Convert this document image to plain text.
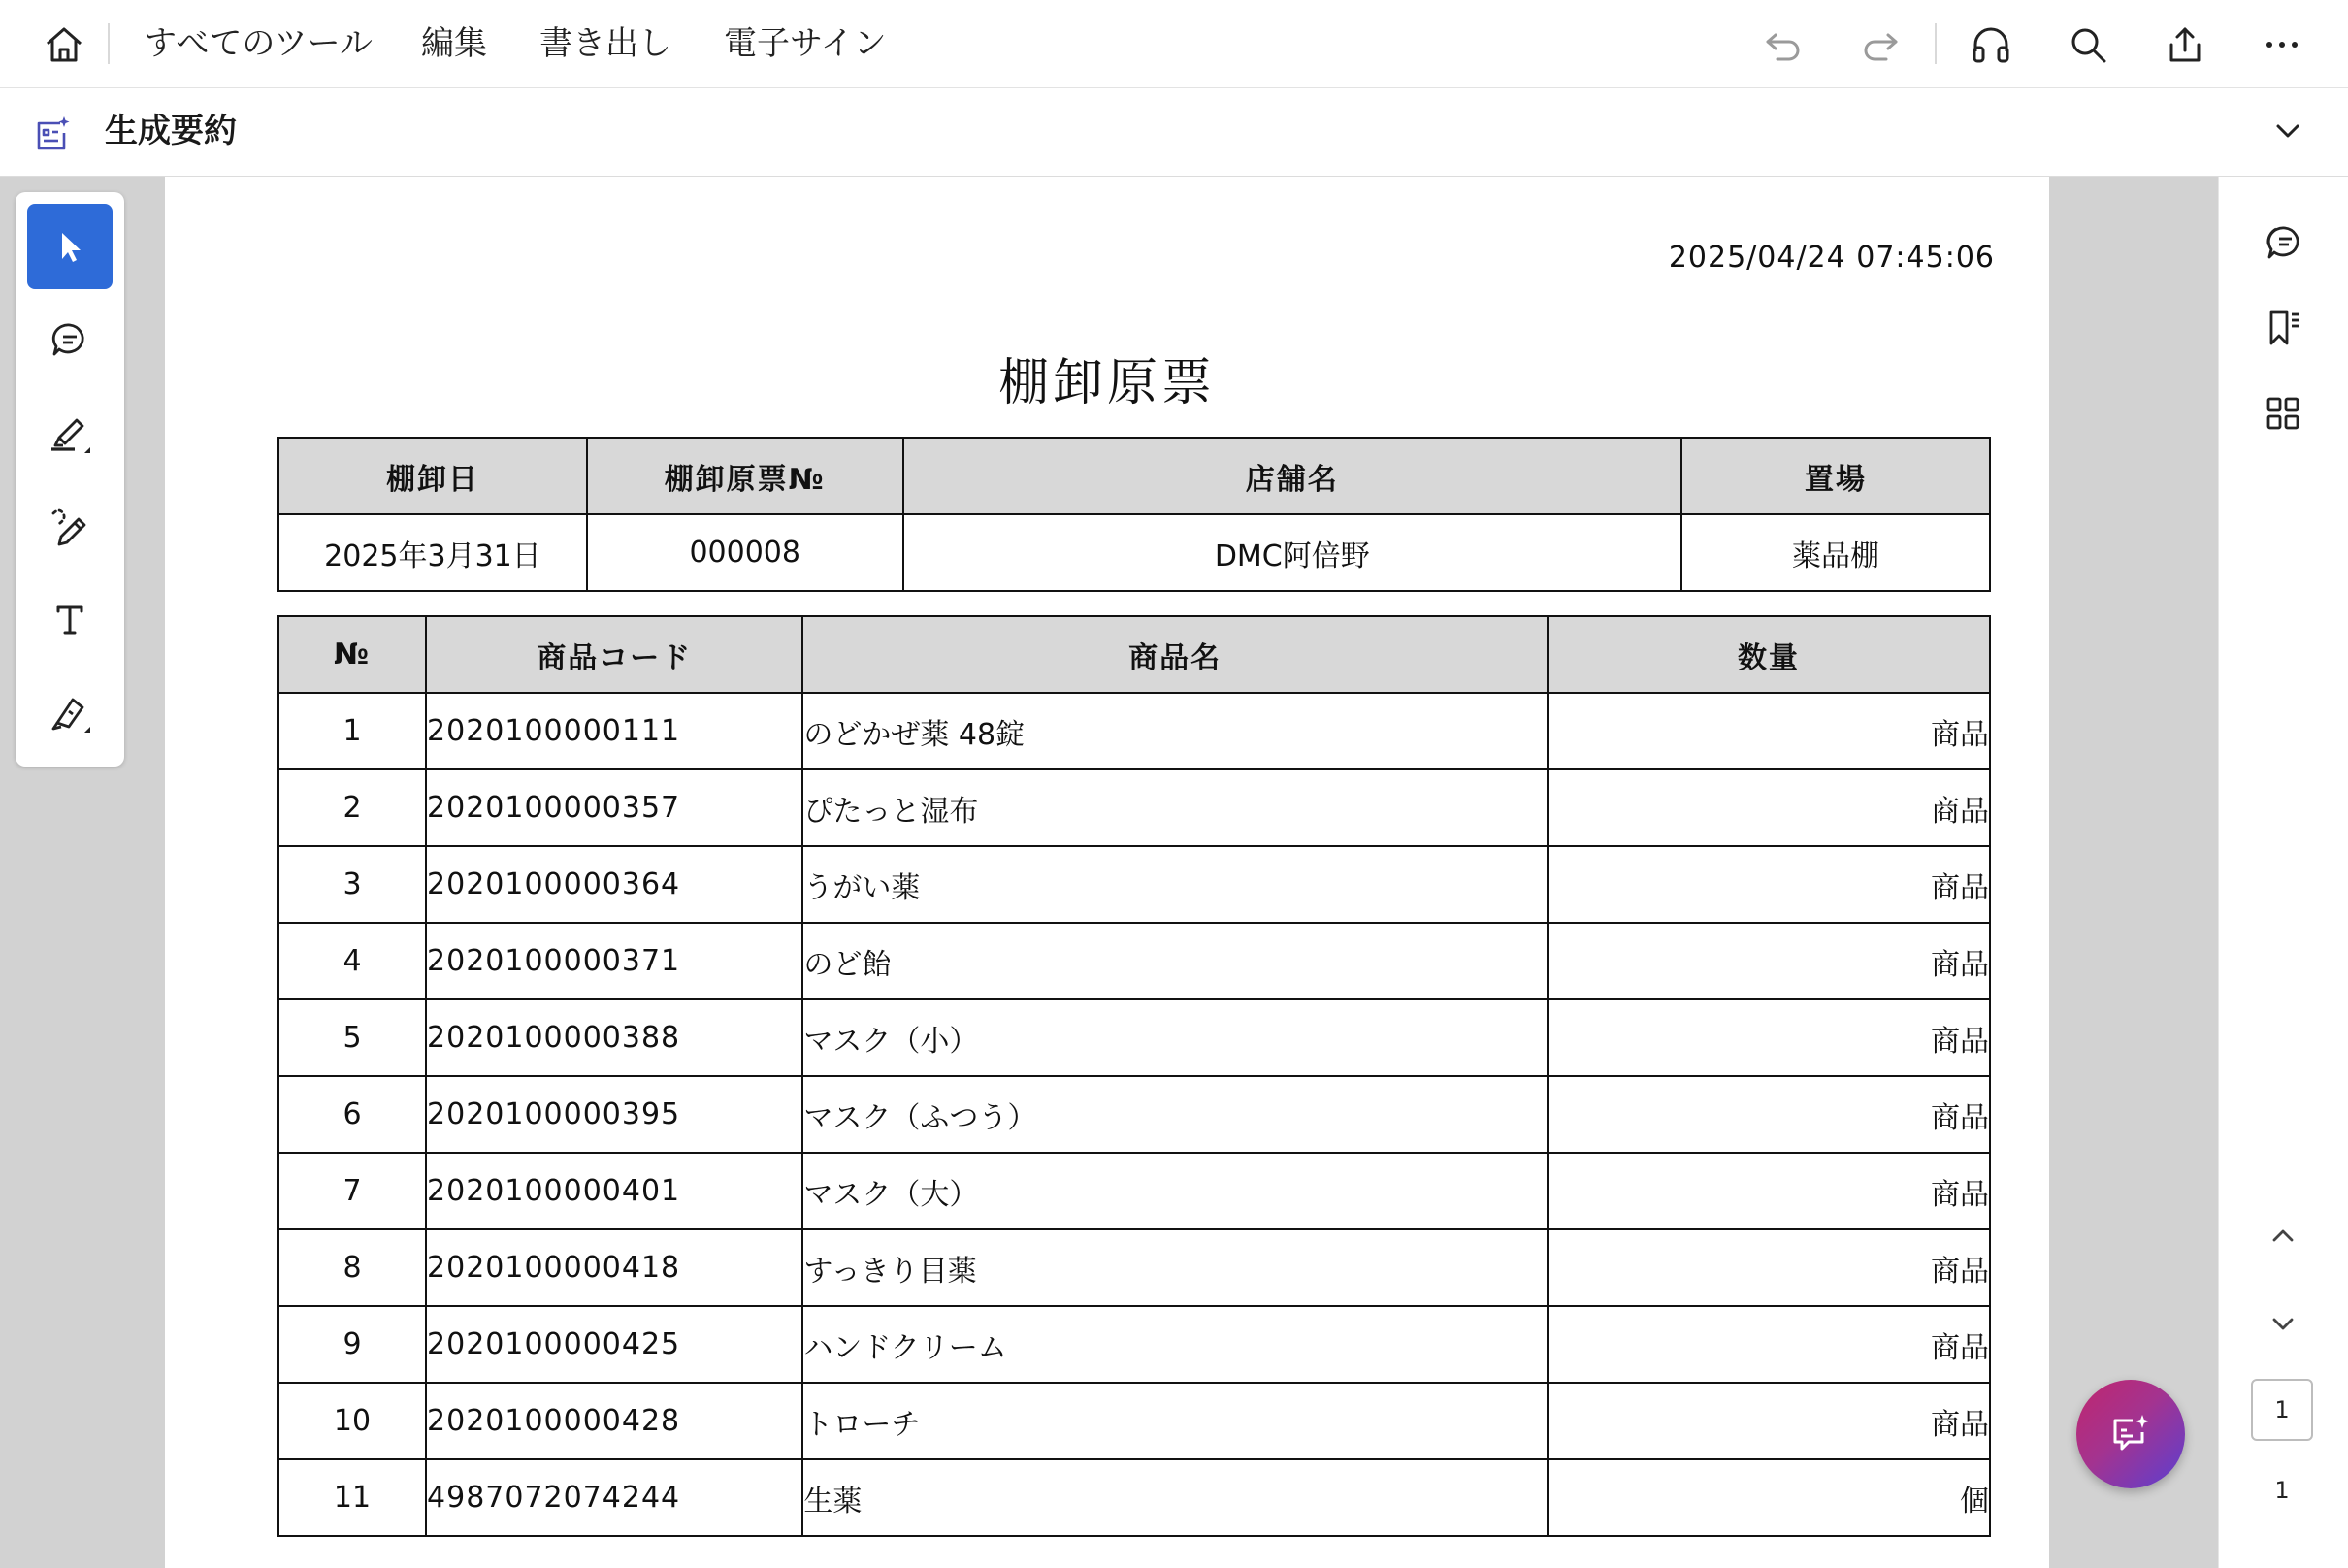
すべてのツール 編集 書き出し 電子サイン
生成要約
2025/04/24 07:45:06
棚卸原票
棚卸日	棚卸原票№	店舗名	置場
2025年3月31日	000008	DMC阿倍野	薬品棚
№	商品コード	商品名	数量
1	2020100000111	のどかぜ薬 48錠	商品
2	2020100000357	ぴたっと湿布	商品
3	2020100000364	うがい薬	商品
4	2020100000371	のど飴	商品
5	2020100000388	マスク（小）	商品
6	2020100000395	マスク（ふつう）	商品
7	2020100000401	マスク（大）	商品
8	2020100000418	すっきり目薬	商品
9	2020100000425	ハンドクリーム	商品
10	2020100000428	トローチ	商品
11	4987072074244	生薬	個
1
1
